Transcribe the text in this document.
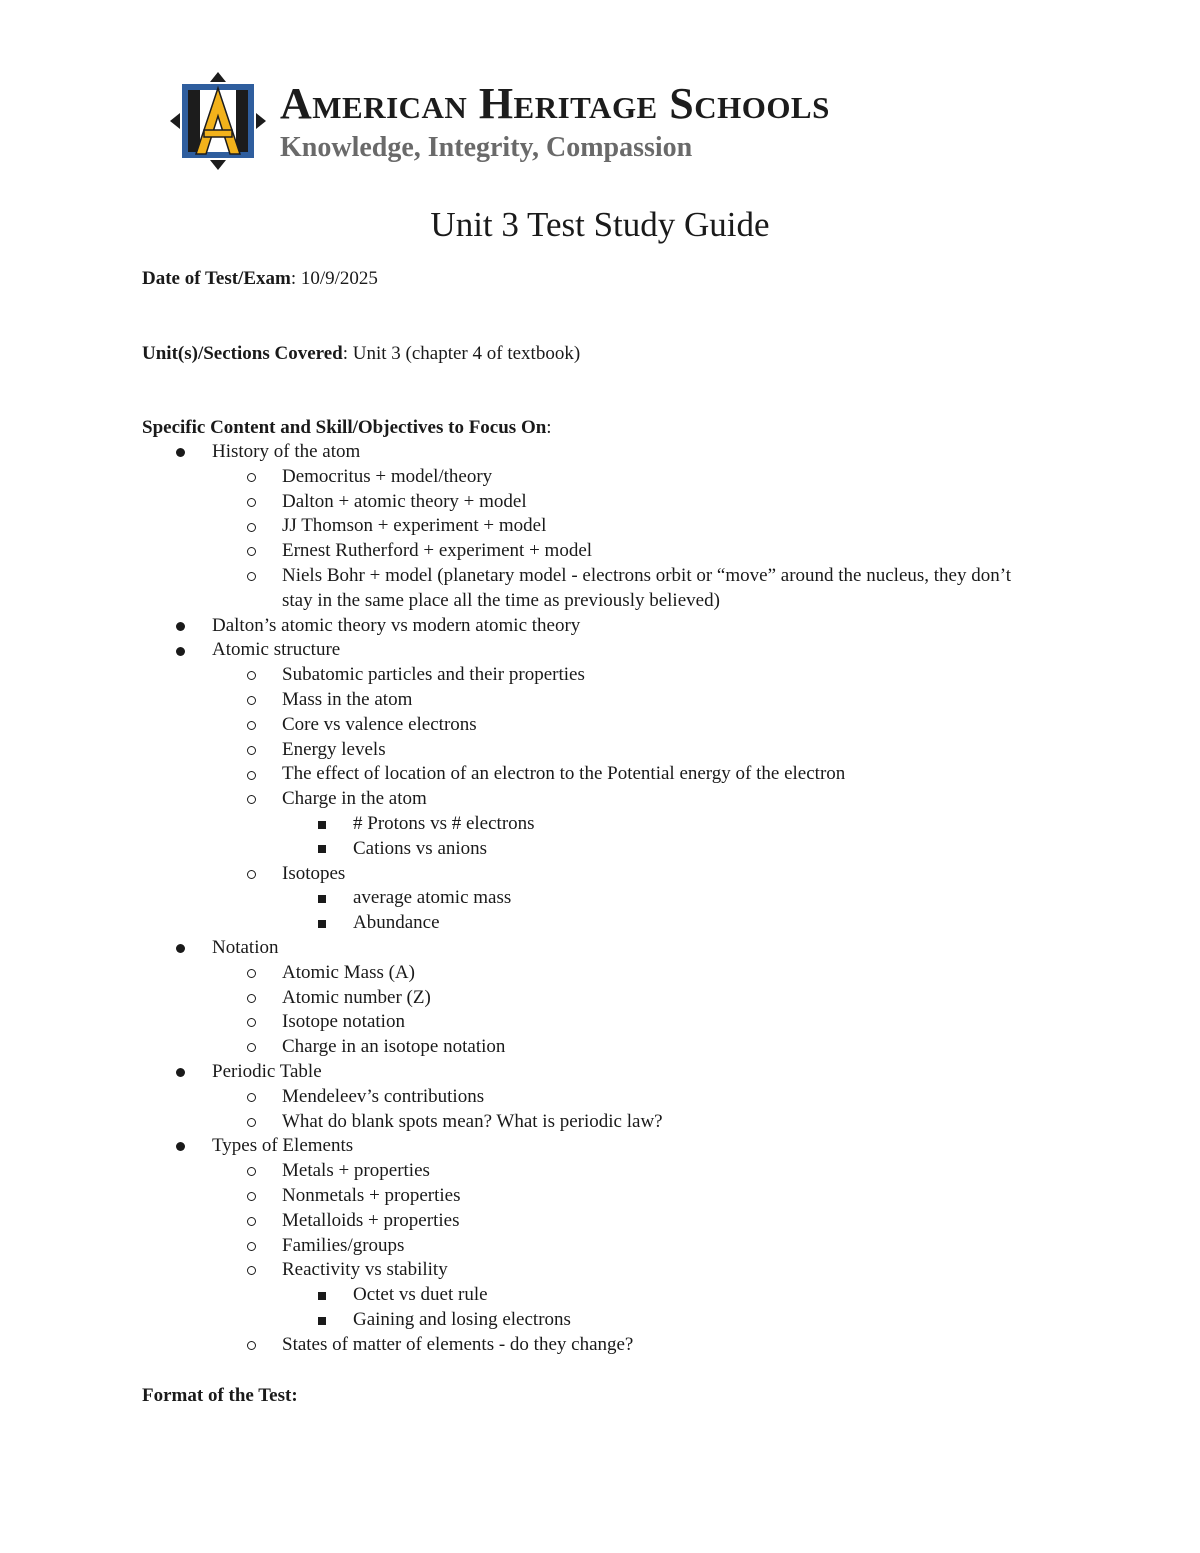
American Heritage Schools
Knowledge, Integrity, Compassion
Unit 3 Test Study Guide
Date of Test/Exam: 10/9/2025
Unit(s)/Sections Covered: Unit 3 (chapter 4 of textbook)
Specific Content and Skill/Objectives to Focus On:
History of the atom
Democritus + model/theory
Dalton + atomic theory + model
JJ Thomson + experiment + model
Ernest Rutherford + experiment + model
Niels Bohr + model (planetary model - electrons orbit or “move” around the nucleus, they don’t stay in the same place all the time as previously believed)
Dalton’s atomic theory vs modern atomic theory
Atomic structure
Subatomic particles and their properties
Mass in the atom
Core vs valence electrons
Energy levels
The effect of location of an electron to the Potential energy of the electron
Charge in the atom
# Protons vs # electrons
Cations vs anions
Isotopes
average atomic mass
Abundance
Notation
Atomic Mass (A)
Atomic number (Z)
Isotope notation
Charge in an isotope notation
Periodic Table
Mendeleev’s contributions
What do blank spots mean? What is periodic law?
Types of Elements
Metals + properties
Nonmetals + properties
Metalloids + properties
Families/groups
Reactivity vs stability
Octet vs duet rule
Gaining and losing electrons
States of matter of elements - do they change?
Format of the Test:
